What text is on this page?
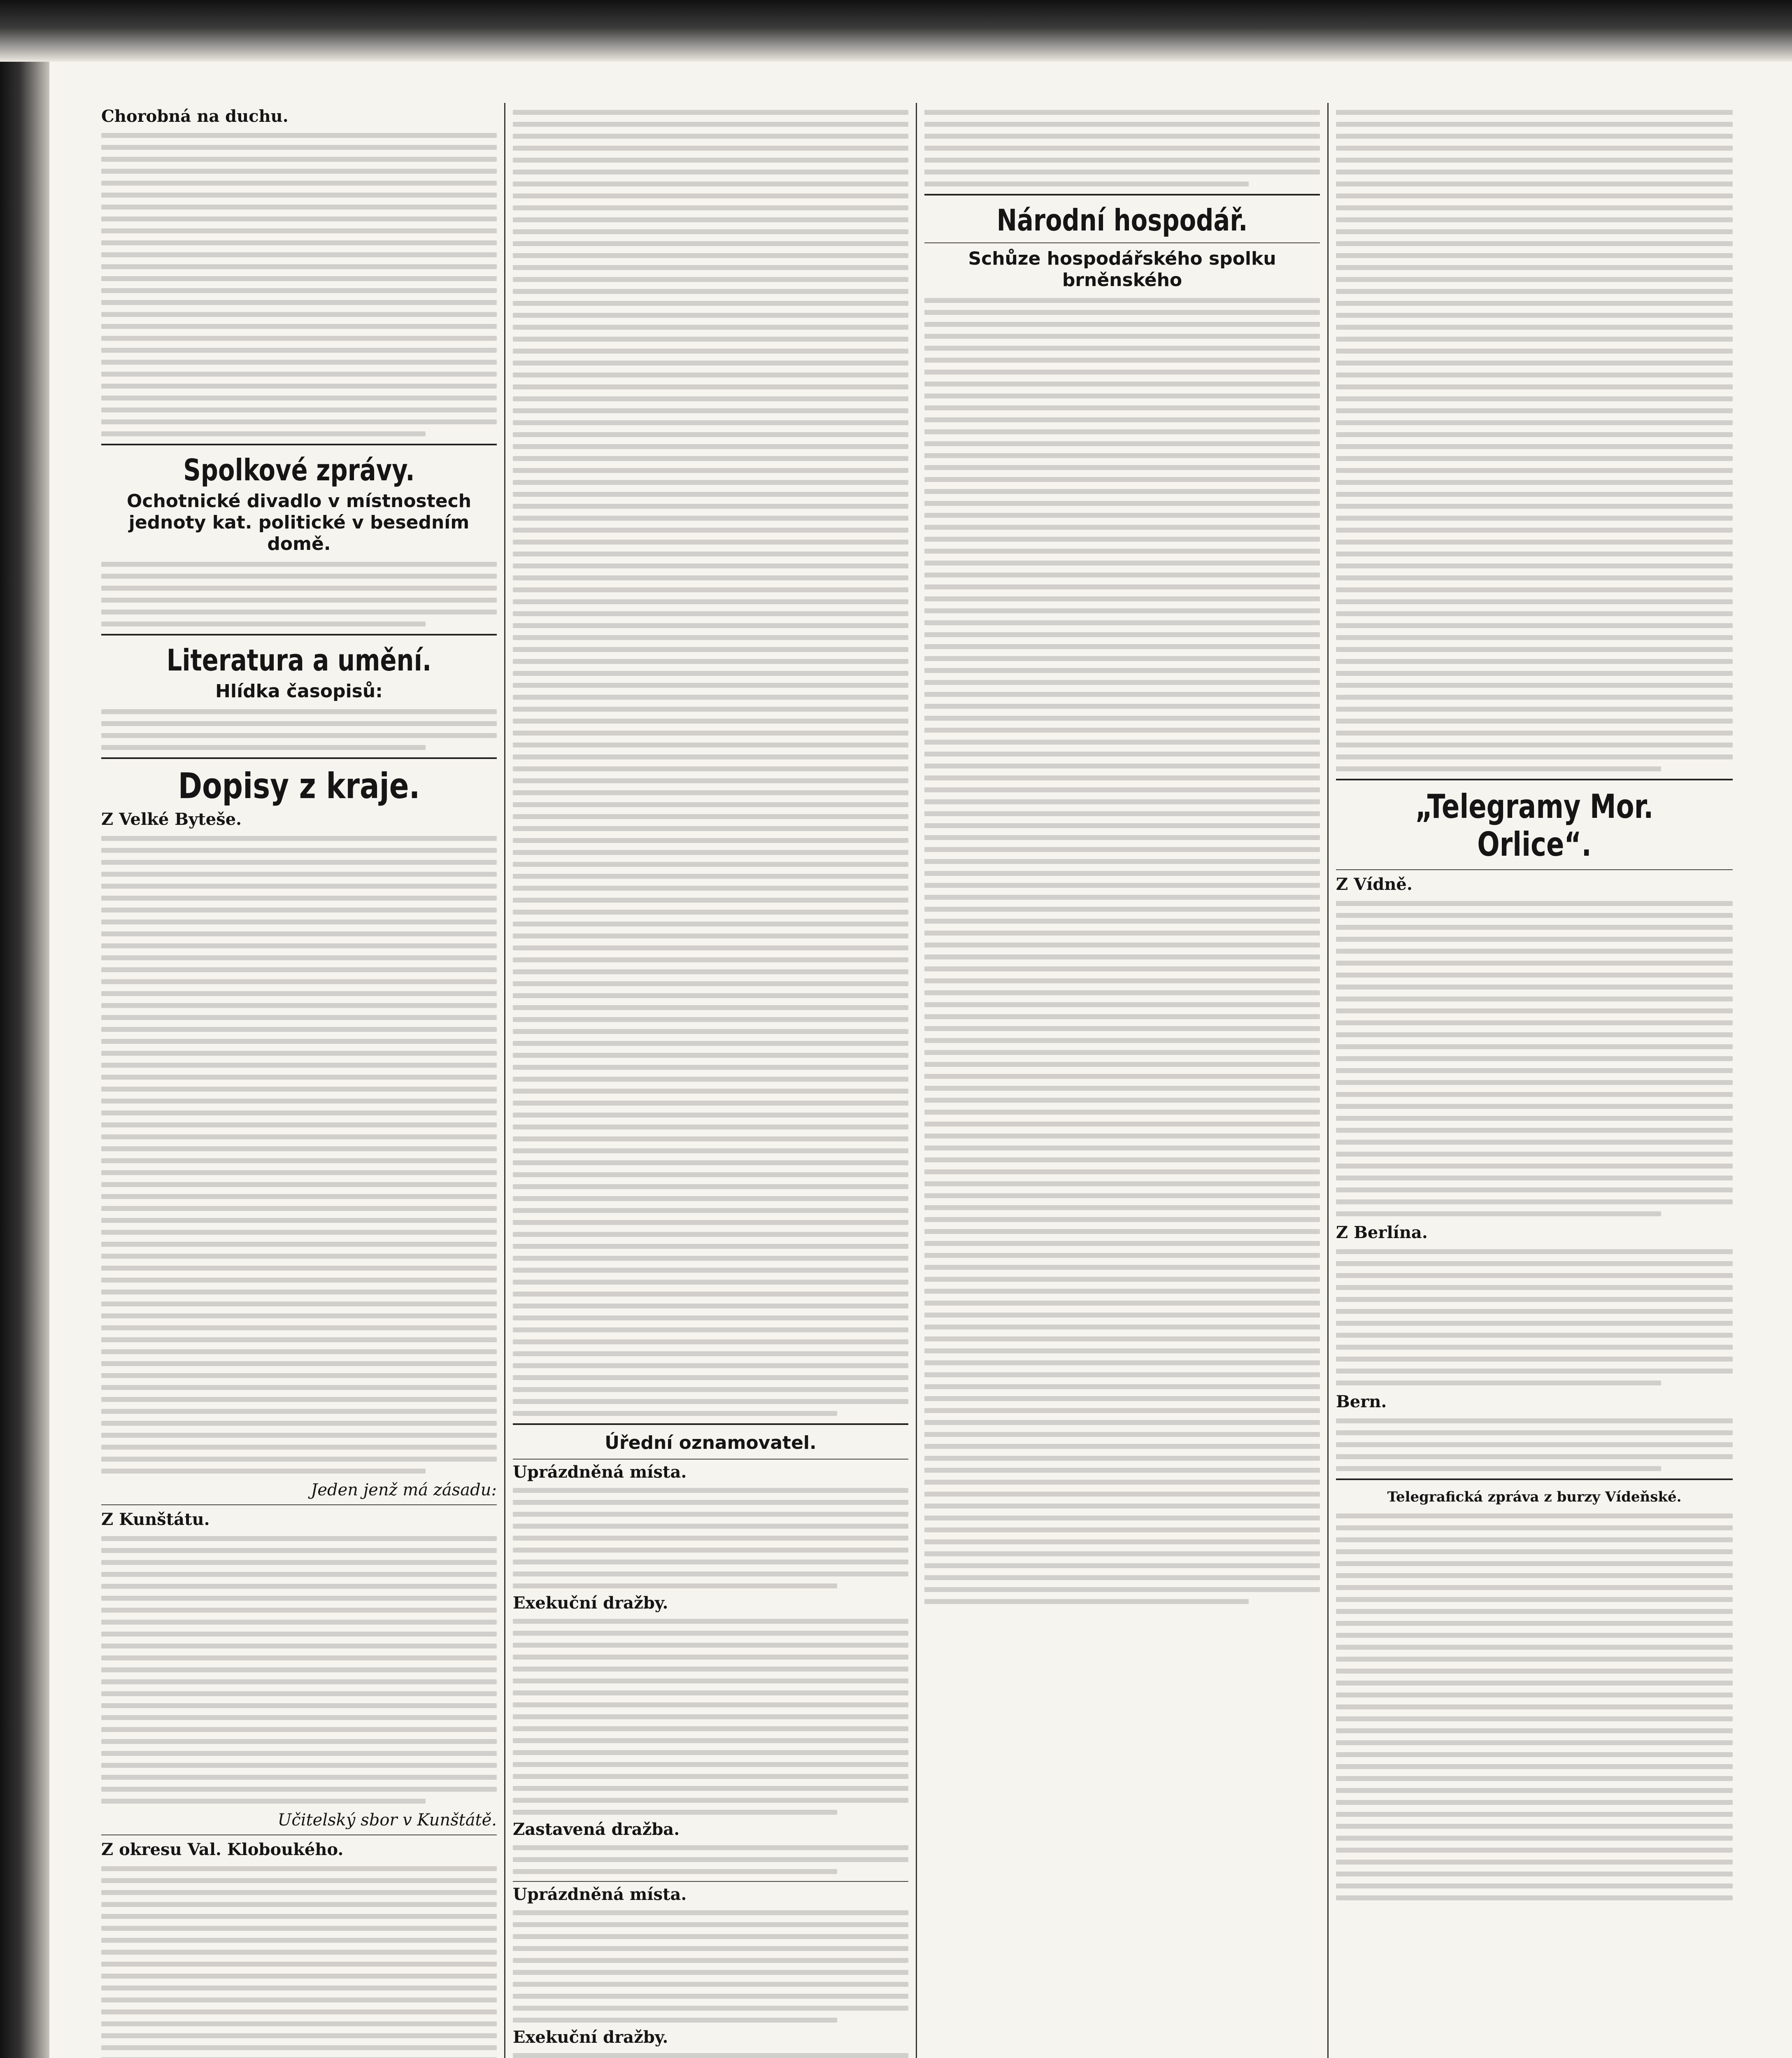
Chorobná na duchu.
Spolkové zprávy.
Ochotnické divadlo v místnostech jednoty kat. politické v besedním domě.
Literatura a umění.
Hlídka časopisů:
Dopisy z kraje.
Z Velké Byteše.
Jeden jenž má zásadu:
Z Kunštátu.
Učitelský sbor v Kunštátě.
Z okresu Val. Kloboukého.
Úřední oznamovatel.
Uprázdněná místa.
Exekuční dražby.
Zastavená dražba.
Uprázdněná místa.
Exekuční dražby.
Národní hospodář.
Schůze hospodářského spolku brněnského
„Telegramy Mor. Orlice“.
Z Vídně.
Z Berlína.
Bern.
Telegrafická zpráva z burzy Vídeňské.
